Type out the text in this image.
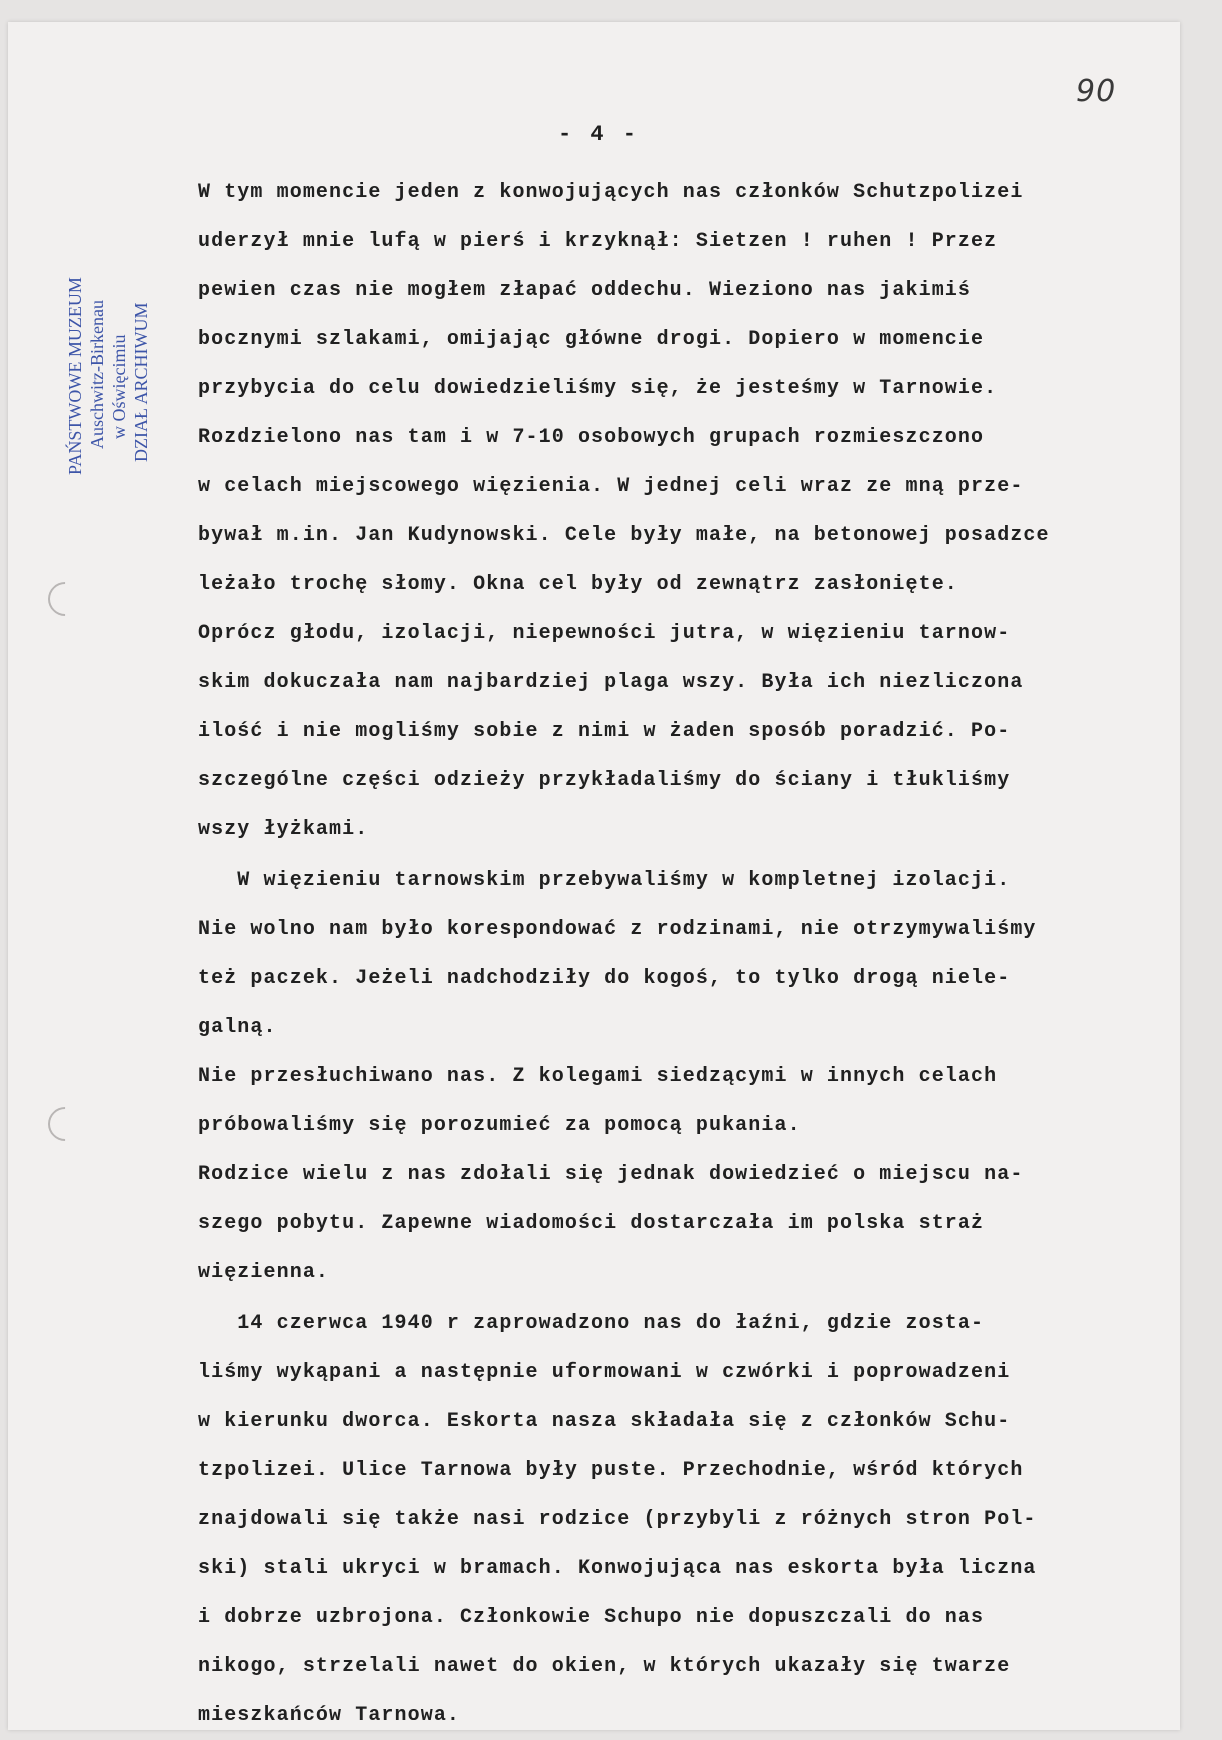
PAŃSTWOWE MUZEUM Auschwitz-Birkenau w Oświęcimiu DZIAŁ ARCHIWUM
90
- 4 -
W tym momencie jeden z konwojujących nas członków Schutzpolizei
uderzył mnie lufą w pierś i krzyknął: Sietzen ! ruhen ! Przez
pewien czas nie mogłem złapać oddechu. Wieziono nas jakimiś
bocznymi szlakami, omijając główne drogi. Dopiero w momencie
przybycia do celu dowiedzieliśmy się, że jesteśmy w Tarnowie.
Rozdzielono nas tam i w 7-10 osobowych grupach rozmieszczono
w celach miejscowego więzienia. W jednej celi wraz ze mną prze-
bywał m.in. Jan Kudynowski. Cele były małe, na betonowej posadzce
leżało trochę słomy. Okna cel były od zewnątrz zasłonięte.
Oprócz głodu, izolacji, niepewności jutra, w więzieniu tarnow-
skim dokuczała nam najbardziej plaga wszy. Była ich niezliczona
ilość i nie mogliśmy sobie z nimi w żaden sposób poradzić. Po-
szczególne części odzieży przykładaliśmy do ściany i tłukliśmy
wszy łyżkami.
W więzieniu tarnowskim przebywaliśmy w kompletnej izolacji.
Nie wolno nam było korespondować z rodzinami, nie otrzymywaliśmy
też paczek. Jeżeli nadchodziły do kogoś, to tylko drogą niele-
galną.
Nie przesłuchiwano nas. Z kolegami siedzącymi w innych celach
próbowaliśmy się porozumieć za pomocą pukania.
Rodzice wielu z nas zdołali się jednak dowiedzieć o miejscu na-
szego pobytu. Zapewne wiadomości dostarczała im polska straż
więzienna.
14 czerwca 1940 r zaprowadzono nas do łaźni, gdzie zosta-
liśmy wykąpani a następnie uformowani w czwórki i poprowadzeni
w kierunku dworca. Eskorta nasza składała się z członków Schu-
tzpolizei. Ulice Tarnowa były puste. Przechodnie, wśród których
znajdowali się także nasi rodzice (przybyli z różnych stron Pol-
ski) stali ukryci w bramach. Konwojująca nas eskorta była liczna
i dobrze uzbrojona. Członkowie Schupo nie dopuszczali do nas
nikogo, strzelali nawet do okien, w których ukazały się twarze
mieszkańców Tarnowa.
